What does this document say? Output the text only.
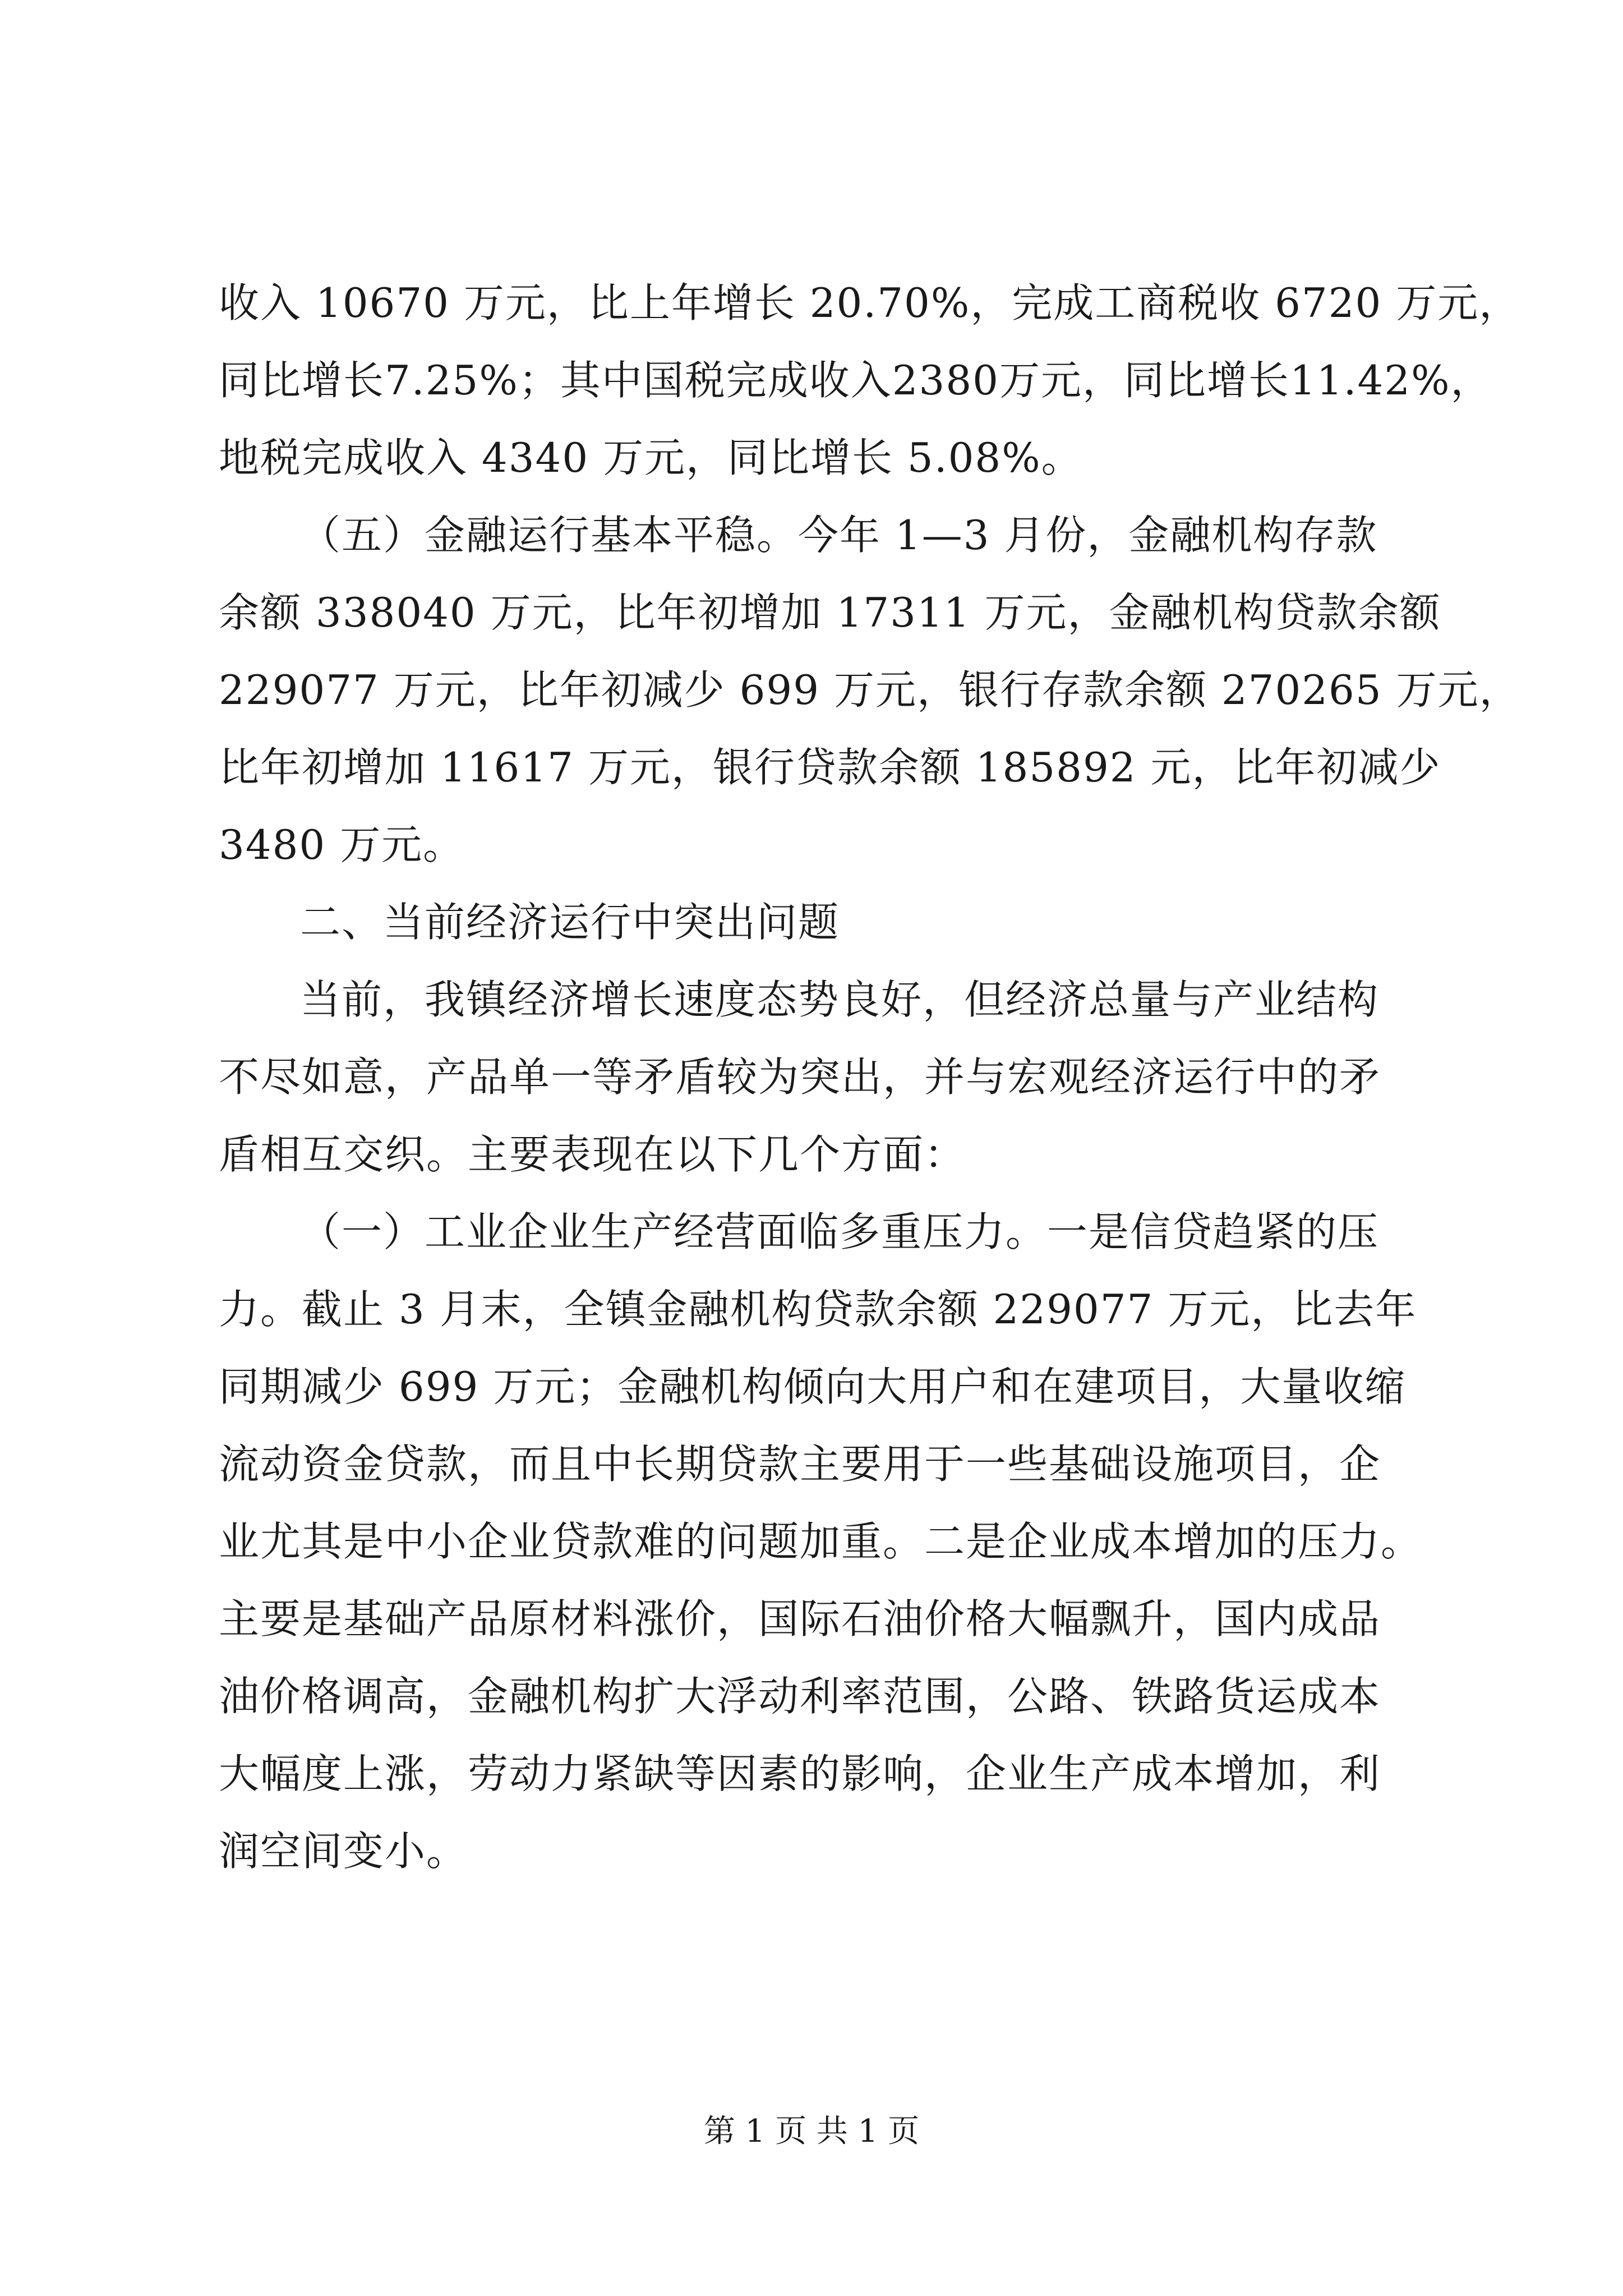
收入 10670 万元，比上年增长 20.70%，完成工商税收 6720 万元，
同比增长7.25%；其中国税完成收入2380万元，同比增长11.42%，
地税完成收入 4340 万元，同比增长 5.08%。
（五）金融运行基本平稳。今年 1—3 月份，金融机构存款
余额 338040 万元，比年初增加 17311 万元，金融机构贷款余额
229077 万元，比年初减少 699 万元，银行存款余额 270265 万元，
比年初增加 11617 万元，银行贷款余额 185892 元，比年初减少
3480 万元。
二、当前经济运行中突出问题
当前，我镇经济增长速度态势良好，但经济总量与产业结构
不尽如意，产品单一等矛盾较为突出，并与宏观经济运行中的矛
盾相互交织。主要表现在以下几个方面：
（一）工业企业生产经营面临多重压力。一是信贷趋紧的压
力。截止 3 月末，全镇金融机构贷款余额 229077 万元，比去年
同期减少 699 万元；金融机构倾向大用户和在建项目，大量收缩
流动资金贷款，而且中长期贷款主要用于一些基础设施项目，企
业尤其是中小企业贷款难的问题加重。二是企业成本增加的压力。
主要是基础产品原材料涨价，国际石油价格大幅飘升，国内成品
油价格调高，金融机构扩大浮动利率范围，公路、铁路货运成本
大幅度上涨，劳动力紧缺等因素的影响，企业生产成本增加，利
润空间变小。
第 1 页 共 1 页
